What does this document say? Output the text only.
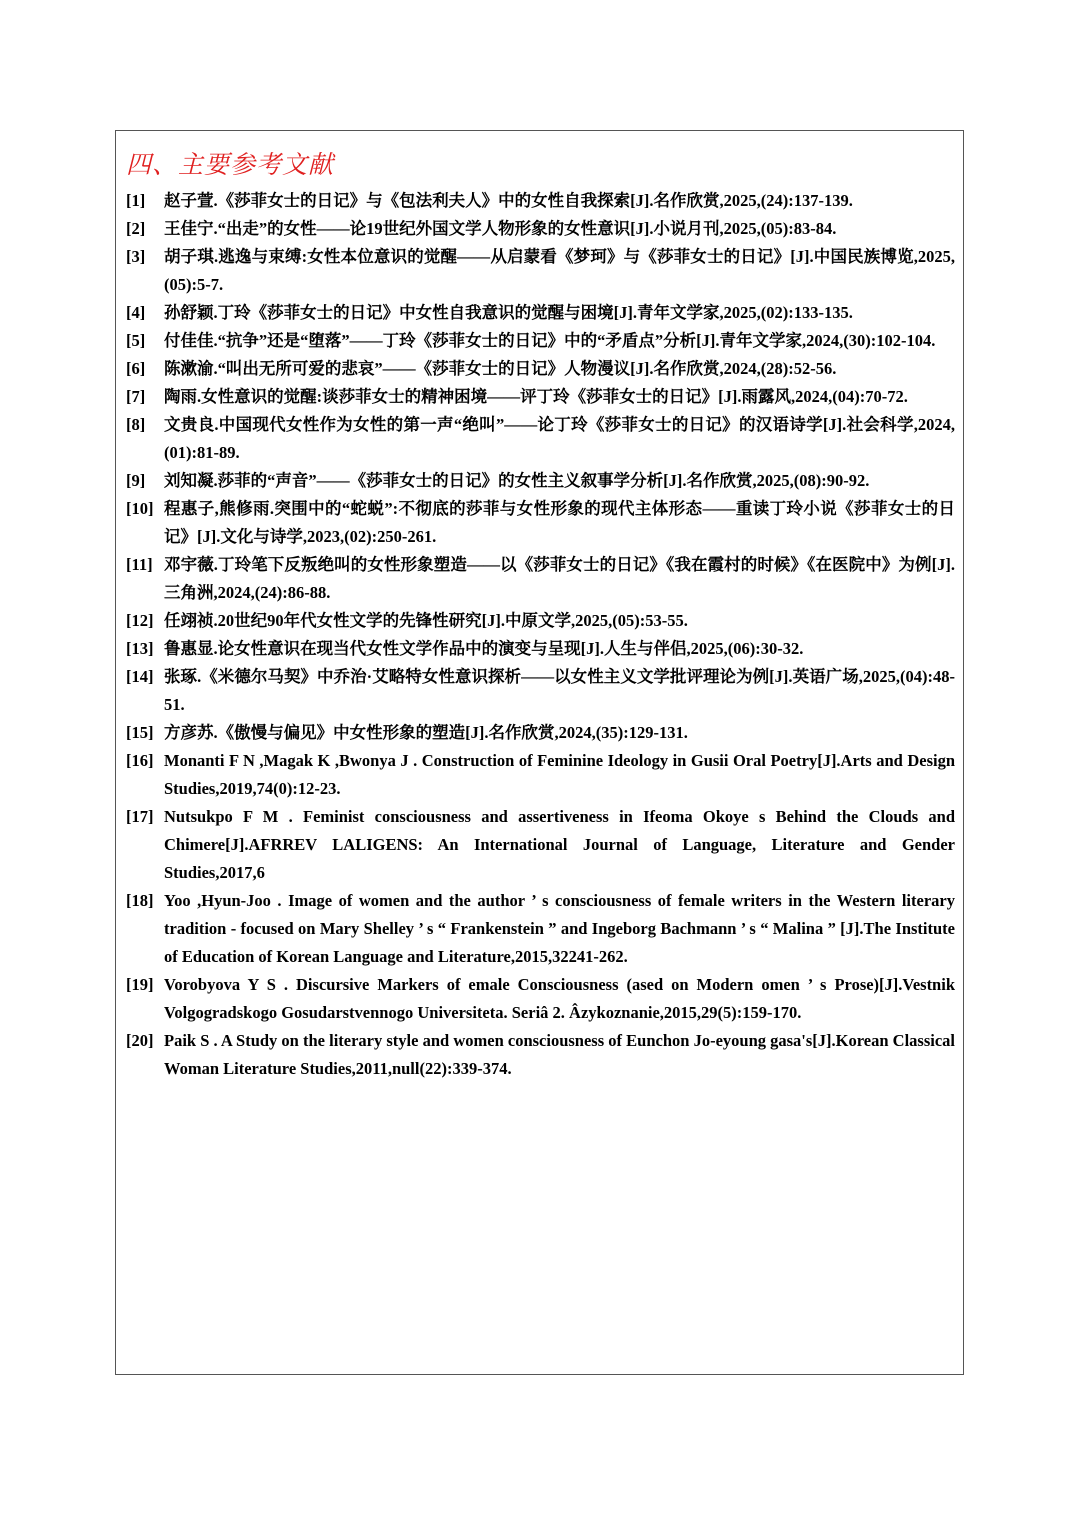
四、主要参考文献
[1] 赵子萱.《莎菲女士的日记》与《包法利夫人》中的女性自我探索[J].名作欣赏,2025,(24):137-139.
[2] 王佳宁.“出走”的女性——论19世纪外国文学人物形象的女性意识[J].小说月刊,2025,(05):83-84.
[3] 胡子琪.逃逸与束缚:女性本位意识的觉醒——从启蒙看《梦珂》与《莎菲女士的日记》[J].中国民族博览,2025,(05):5-7.
[4] 孙舒颖.丁玲《莎菲女士的日记》中女性自我意识的觉醒与困境[J].青年文学家,2025,(02):133-135.
[5] 付佳佳.“抗争”还是“堕落”——丁玲《莎菲女士的日记》中的“矛盾点”分析[J].青年文学家,2024,(30):102-104.
[6] 陈漱渝.“叫出无所可爱的悲哀”——《莎菲女士的日记》人物漫议[J].名作欣赏,2024,(28):52-56.
[7] 陶雨.女性意识的觉醒:谈莎菲女士的精神困境——评丁玲《莎菲女士的日记》[J].雨露风,2024,(04):70-72.
[8] 文贵良.中国现代女性作为女性的第一声“绝叫”——论丁玲《莎菲女士的日记》的汉语诗学[J].社会科学,2024,(01):81-89.
[9] 刘知凝.莎菲的“声音”——《莎菲女士的日记》的女性主义叙事学分析[J].名作欣赏,2025,(08):90-92.
[10] 程惠子,熊修雨.突围中的“蛇蜕”:不彻底的莎菲与女性形象的现代主体形态——重读丁玲小说《莎菲女士的日记》[J].文化与诗学,2023,(02):250-261.
[11] 邓宇薇.丁玲笔下反叛绝叫的女性形象塑造——以《莎菲女士的日记》《我在霞村的时候》《在医院中》为例[J].三角洲,2024,(24):86-88.
[12] 任翊祯.20世纪90年代女性文学的先锋性研究[J].中原文学,2025,(05):53-55.
[13] 鲁惠显.论女性意识在现当代女性文学作品中的演变与呈现[J].人生与伴侣,2025,(06):30-32.
[14] 张琢.《米德尔马契》中乔治·艾略特女性意识探析——以女性主义文学批评理论为例[J].英语广场,2025,(04):48-51.
[15] 方彦苏.《傲慢与偏见》中女性形象的塑造[J].名作欣赏,2024,(35):129-131.
[16] Monanti F N ,Magak K ,Bwonya J . Construction of Feminine Ideology in Gusii Oral Poetry[J].Arts and Design Studies,2019,74(0):12-23.
[17] Nutsukpo F M . Feminist consciousness and assertiveness in Ifeoma Okoye s Behind the Clouds and Chimere[J].AFRREV LALIGENS: An International Journal of Language, Literature and Gender Studies,2017,6
[18] Yoo ,Hyun-Joo . Image of women and the author ’ s consciousness of female writers in the Western literary tradition - focused on Mary Shelley ’ s “ Frankenstein ” and Ingeborg Bachmann ’ s “ Malina ” [J].The Institute of Education of Korean Language and Literature,2015,32241-262.
[19] Vorobyova Y S . Discursive Markers of emale Consciousness (ased on Modern omen ’ s Prose)[J].Vestnik Volgogradskogo Gosudarstvennogo Universiteta. Seriâ 2. Âzykoznanie,2015,29(5):159-170.
[20] Paik S . A Study on the literary style and women consciousness of Eunchon Jo-eyoung gasa's[J].Korean Classical Woman Literature Studies,2011,null(22):339-374.
